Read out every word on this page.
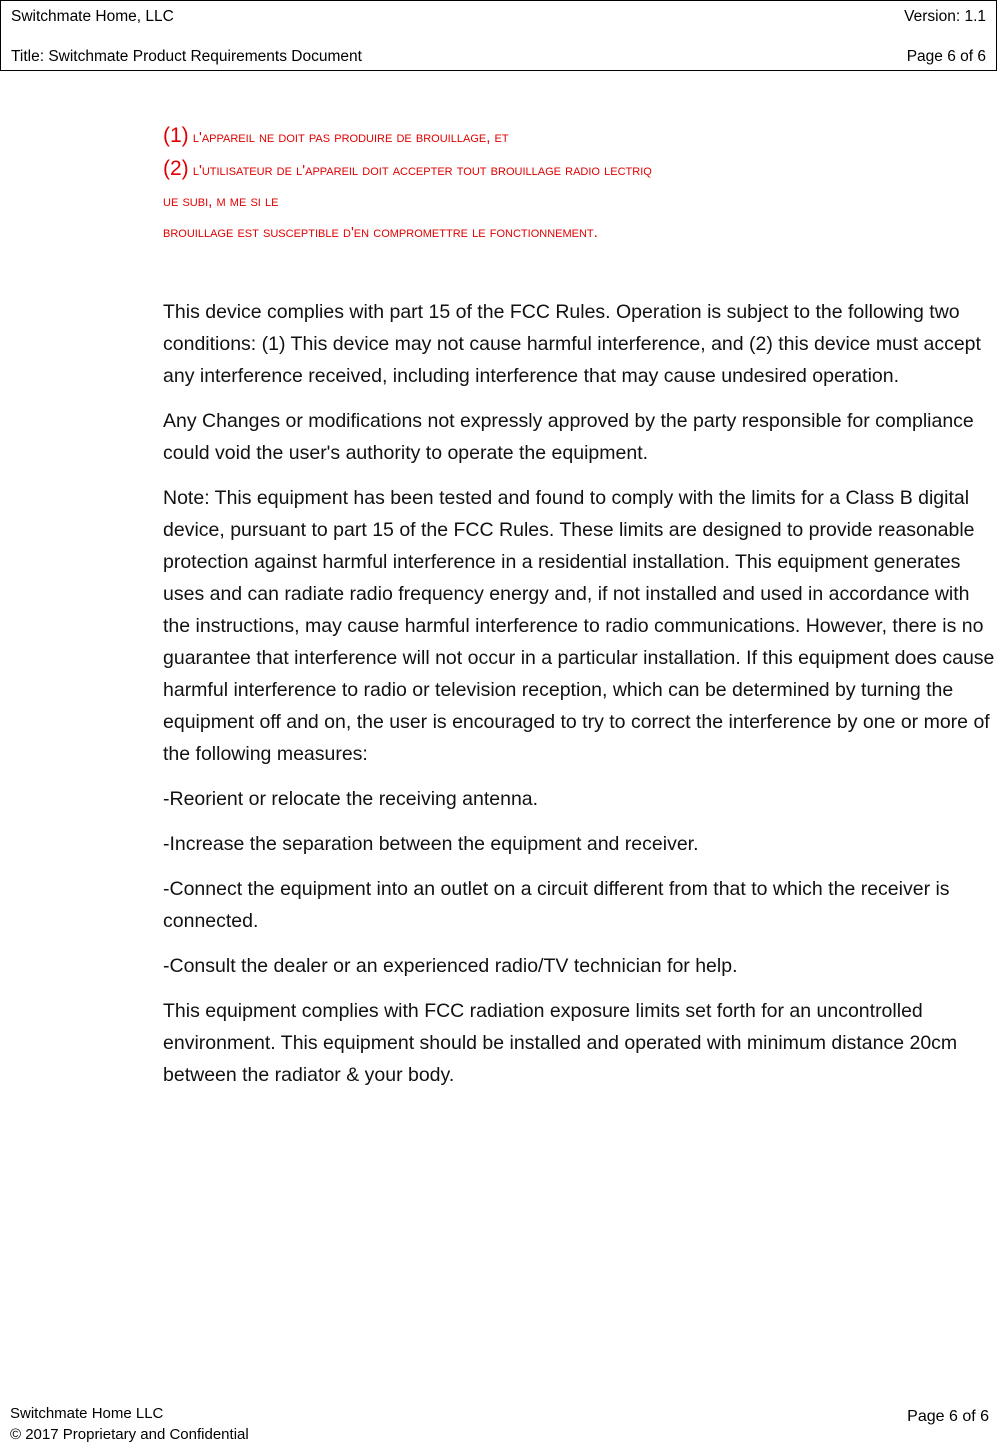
Switchmate Home, LLC	Version: 1.1
Title: Switchmate Product Requirements Document	Page 6 of 6

(1) l'appareil ne doit pas produire de brouillage, et

(2) l'utilisateur de l'appareil doit accepter tout brouillage radio lectriq

ue subi, m me si le

brouillage est susceptible d'en compromettre le fonctionnement.

This device complies with part 15 of the FCC Rules. Operation is subject to the following two conditions: (1) This device may not cause harmful interference, and (2) this device must accept any interference received, including interference that may cause undesired operation.

Any Changes or modifications not expressly approved by the party responsible for compliance could void the user's authority to operate the equipment.

Note: This equipment has been tested and found to comply with the limits for a Class B digital device, pursuant to part 15 of the FCC Rules. These limits are designed to provide reasonable protection against harmful interference in a residential installation. This equipment generates uses and can radiate radio frequency energy and, if not installed and used in accordance with the instructions, may cause harmful interference to radio communications. However, there is no guarantee that interference will not occur in a particular installation. If this equipment does cause harmful interference to radio or television reception, which can be determined by turning the equipment off and on, the user is encouraged to try to correct the interference by one or more of the following measures:

-Reorient or relocate the receiving antenna.

-Increase the separation between the equipment and receiver.

-Connect the equipment into an outlet on a circuit different from that to which the receiver is connected.

-Consult the dealer or an experienced radio/TV technician for help.

This equipment complies with FCC radiation exposure limits set forth for an uncontrolled environment. This equipment should be installed and operated with minimum distance 20cm between the radiator & your body.

Switchmate Home LLC
© 2017 Proprietary and Confidential
Page 6 of 6
